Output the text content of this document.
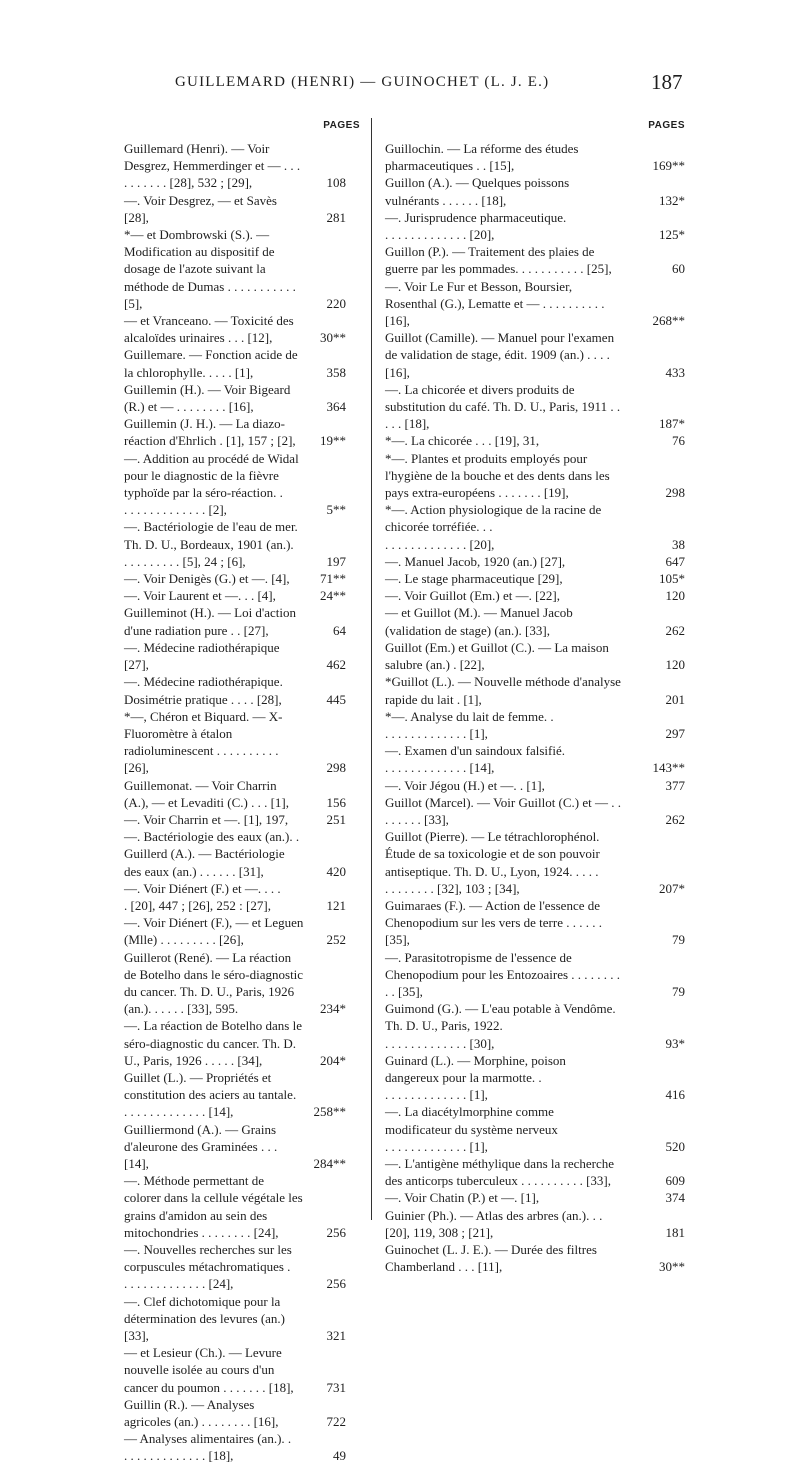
GUILLEMARD (HENRI) — GUINOCHET (L. J. E.)	187
PAGES
Guillemard (Henri). — Voir Desgrez, Hemmerdinger et — . . .
. . . . . . . [28], 532 ; [29],	108
—. Voir Desgrez, — et Savès [28],	281
*— et Dombrowski (S.). — Modification au dispositif de dosage de l'azote suivant la méthode de Dumas . . . . . . . . . . . [5],	220
— et Vranceano. — Toxicité des alcaloïdes urinaires . . . [12],	30**
Guillemare. — Fonction acide de la chlorophylle. . . . . [1],	358
Guillemin (H.). — Voir Bigeard (R.) et — . . . . . . . . [16],	364
Guillemin (J. H.). — La diazo-réaction d'Ehrlich . [1], 157 ; [2],	19**
—. Addition au procédé de Widal pour le diagnostic de la fièvre typhoïde par la séro-réaction. .
. . . . . . . . . . . . . [2],	5**
—. Bactériologie de l'eau de mer. Th. D. U., Bordeaux, 1901 (an.).
. . . . . . . . . [5], 24 ; [6],	197
—. Voir Denigès (G.) et —. [4],	71**
—. Voir Laurent et —. . . [4],	24**
Guilleminot (H.). — Loi d'action d'une radiation pure . . [27],	64
—. Médecine radiothérapique [27],	462
—. Médecine radiothérapique. Dosimétrie pratique . . . . [28],	445
*—, Chéron et Biquard. — X-Fluoromètre à étalon radioluminescent . . . . . . . . . . [26],	298
Guillemonat. — Voir Charrin (A.), — et Levaditi (C.) . . . [1],	156
—. Voir Charrin et —. [1], 197,	251
—. Bactériologie des eaux (an.). .
Guillerd (A.). — Bactériologie des eaux (an.) . . . . . . [31],	420
—. Voir Diénert (F.) et —. . . .
. [20], 447 ; [26], 252 : [27],	121
—. Voir Diénert (F.), — et Leguen (Mlle) . . . . . . . . . [26],	252
Guillerot (René). — La réaction de Botelho dans le séro-diagnostic du cancer. Th. D. U., Paris, 1926 (an.). . . . . . [33], 595.	234*
—. La réaction de Botelho dans le séro-diagnostic du cancer. Th. D. U., Paris, 1926 . . . . . [34],	204*
Guillet (L.). — Propriétés et constitution des aciers au tantale.
. . . . . . . . . . . . . [14],	258**
Guilliermond (A.). — Grains d'aleurone des Graminées . . . [14],	284**
—. Méthode permettant de colorer dans la cellule végétale les grains d'amidon au sein des mitochondries . . . . . . . . [24],	256
—. Nouvelles recherches sur les corpuscules métachromatiques .
. . . . . . . . . . . . . [24],	256
—. Clef dichotomique pour la détermination des levures (an.) [33],	321
— et Lesieur (Ch.). — Levure nouvelle isolée au cours d'un cancer du poumon . . . . . . . [18],	731
Guillin (R.). — Analyses agricoles (an.) . . . . . . . . [16],	722
— Analyses alimentaires (an.). .
. . . . . . . . . . . . . [18],	49
PAGES
Guillochin. — La réforme des études pharmaceutiques . . [15],	169**
Guillon (A.). — Quelques poissons vulnérants . . . . . . [18],	132*
—. Jurisprudence pharmaceutique.
. . . . . . . . . . . . . [20],	125*
Guillon (P.). — Traitement des plaies de guerre par les pommades. . . . . . . . . . . [25],	60
—. Voir Le Fur et Besson, Boursier, Rosenthal (G.), Lematte et — . . . . . . . . . . [16],	268**
Guillot (Camille). — Manuel pour l'examen de validation de stage, édit. 1909 (an.) . . . . [16],	433
—. La chicorée et divers produits de substitution du café. Th. D. U., Paris, 1911 . . . . . [18],	187*
*—. La chicorée . . . [19], 31,	76
*—. Plantes et produits employés pour l'hygiène de la bouche et des dents dans les pays extra-européens . . . . . . . [19],	298
*—. Action physiologique de la racine de chicorée torréfiée. . .
. . . . . . . . . . . . . [20],	38
—. Manuel Jacob, 1920 (an.) [27],	647
—. Le stage pharmaceutique [29],	105*
—. Voir Guillot (Em.) et —. [22],	120
— et Guillot (M.). — Manuel Jacob (validation de stage) (an.). [33],	262
Guillot (Em.) et Guillot (C.). — La maison salubre (an.) . [22],	120
*Guillot (L.). — Nouvelle méthode d'analyse rapide du lait . [1],	201
*—. Analyse du lait de femme. .
. . . . . . . . . . . . . [1],	297
—. Examen d'un saindoux falsifié.
. . . . . . . . . . . . . [14],	143**
—. Voir Jégou (H.) et —. . [1],	377
Guillot (Marcel). — Voir Guillot (C.) et — . . . . . . . . [33],	262
Guillot (Pierre). — Le tétrachlorophénol. Étude de sa toxicologie et de son pouvoir antiseptique. Th. D. U., Lyon, 1924. . . . .
. . . . . . . . [32], 103 ; [34],	207*
Guimaraes (F.). — Action de l'essence de Chenopodium sur les vers de terre . . . . . . [35],	79
—. Parasitotropisme de l'essence de Chenopodium pour les Entozoaires . . . . . . . . . . [35],	79
Guimond (G.). — L'eau potable à Vendôme. Th. D. U., Paris, 1922.
. . . . . . . . . . . . . [30],	93*
Guinard (L.). — Morphine, poison dangereux pour la marmotte. .
. . . . . . . . . . . . . [1],	416
—. La diacétylmorphine comme modificateur du système nerveux
. . . . . . . . . . . . . [1],	520
—. L'antigène méthylique dans la recherche des anticorps tuberculeux . . . . . . . . . . [33],	609
—. Voir Chatin (P.) et —. [1],	374
Guinier (Ph.). — Atlas des arbres (an.). . . [20], 119, 308 ; [21],	181
Guinochet (L. J. E.). — Durée des filtres Chamberland . . . [11],	30**
